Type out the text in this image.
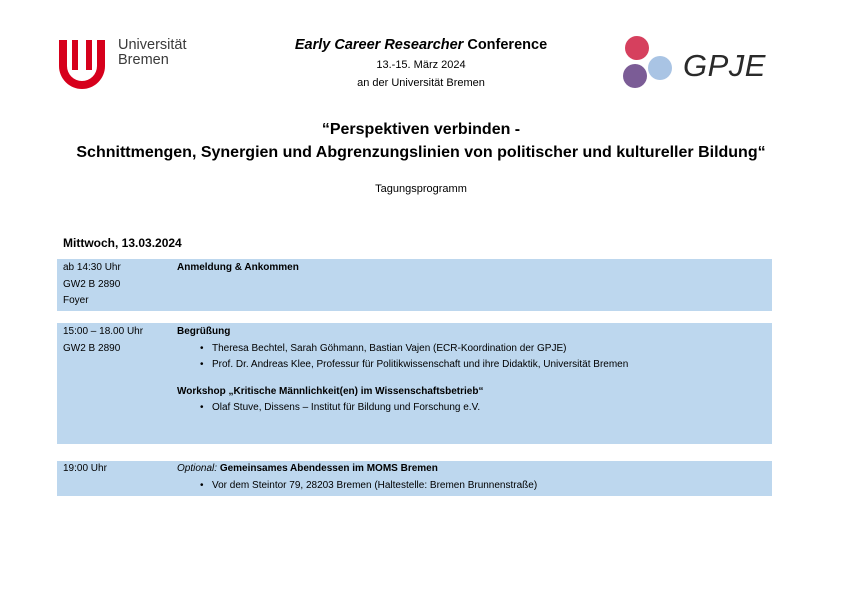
Universität
Bremen
Early Career Researcher Conference
13.-15. März 2024
an der Universität Bremen	GPJE
“Perspektiven verbinden -
Schnittmengen, Synergien und Abgrenzungslinien von politischer und kultureller Bildung“
Tagungsprogramm
Mittwoch, 13.03.2024
ab 14:30 Uhr
GW2 B 2890
Foyer
Anmeldung & Ankommen
15:00 – 18.00 Uhr
GW2 B 2890
Begrüßung
• Theresa Bechtel, Sarah Göhmann, Bastian Vajen (ECR-Koordination der GPJE)
• Prof. Dr. Andreas Klee, Professur für Politikwissenschaft und ihre Didaktik, Universität Bremen
Workshop „Kritische Männlichkeit(en) im Wissenschaftsbetrieb“
• Olaf Stuve, Dissens – Institut für Bildung und Forschung e.V.
19:00 Uhr	Optional: Gemeinsames Abendessen im MOMS Bremen
• Vor dem Steintor 79, 28203 Bremen (Haltestelle: Bremen Brunnenstraße)
